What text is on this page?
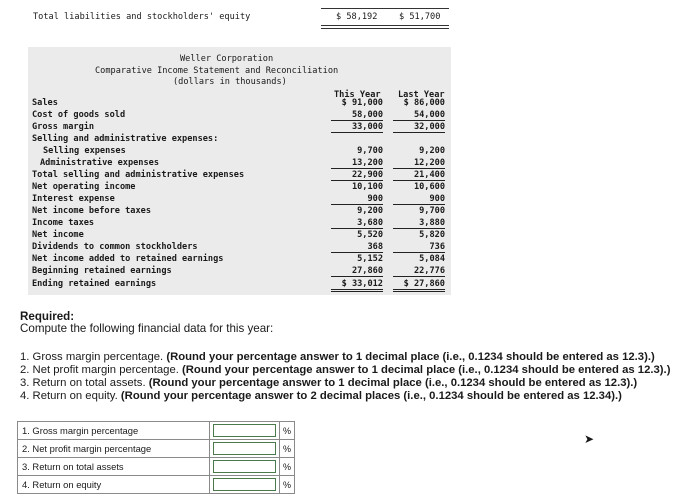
Total liabilities and stockholders' equity	$ 58,192	$ 51,700
Weller Corporation
Comparative Income Statement and Reconciliation
(dollars in thousands)
This Year Last Year
Sales	$ 91,000	$ 86,000
Cost of goods sold	58,000	54,000
Gross margin	33,000	32,000
Selling and administrative expenses:
Selling expenses	9,700	9,200
Administrative expenses	13,200	12,200
Total selling and administrative expenses	22,900	21,400
Net operating income	10,100	10,600
Interest expense	900	900
Net income before taxes	9,200	9,700
Income taxes	3,680	3,880
Net income	5,520	5,820
Dividends to common stockholders	368	736
Net income added to retained earnings	5,152	5,084
Beginning retained earnings	27,860	22,776
Ending retained earnings	$ 33,012	$ 27,860
Required:
Compute the following financial data for this year:
1. Gross margin percentage. (Round your percentage answer to 1 decimal place (i.e., 0.1234 should be entered as 12.3).)
2. Net profit margin percentage. (Round your percentage answer to 1 decimal place (i.e., 0.1234 should be entered as 12.3).)
3. Return on total assets. (Round your percentage answer to 1 decimal place (i.e., 0.1234 should be entered as 12.3).)
4. Return on equity. (Round your percentage answer to 2 decimal places (i.e., 0.1234 should be entered as 12.34).)
1. Gross margin percentage		%
2. Net profit margin percentage		%
3. Return on total assets		%
4. Return on equity		%
➤
